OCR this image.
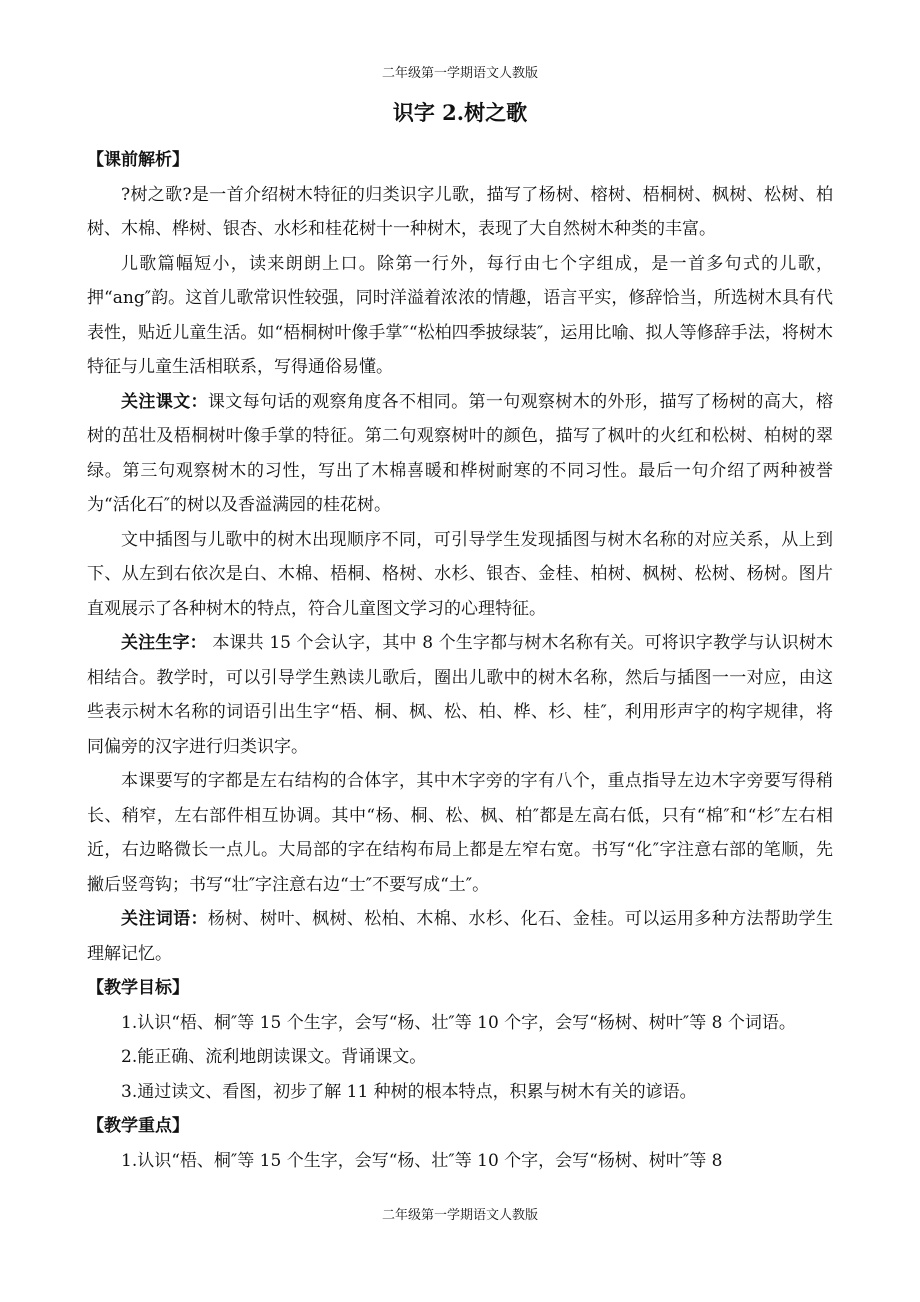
二年级第一学期语文人教版
识字 2.树之歌

【课前解析】

?树之歌?是一首介绍树木特征的归类识字儿歌，描写了杨树、榕树、梧桐树、枫树、松树、柏树、木棉、桦树、银杏、水杉和桂花树十一种树木，表现了大自然树木种类的丰富。

儿歌篇幅短小，读来朗朗上口。除第一行外，每行由七个字组成，是一首多句式的儿歌，押“ang″韵。这首儿歌常识性较强，同时洋溢着浓浓的情趣，语言平实，修辞恰当，所选树木具有代表性，贴近儿童生活。如“梧桐树叶像手掌″“松柏四季披绿装″，运用比喻、拟人等修辞手法，将树木特征与儿童生活相联系，写得通俗易懂。

关注课文：课文每句话的观察角度各不相同。第一句观察树木的外形，描写了杨树的高大，榕树的茁壮及梧桐树叶像手掌的特征。第二句观察树叶的颜色，描写了枫叶的火红和松树、柏树的翠绿。第三句观察树木的习性，写出了木棉喜暖和桦树耐寒的不同习性。最后一句介绍了两种被誉为“活化石″的树以及香溢满园的桂花树。

文中插图与儿歌中的树木出现顺序不同，可引导学生发现插图与树木名称的对应关系，从上到下、从左到右依次是白、木棉、梧桐、格树、水杉、银杏、金桂、柏树、枫树、松树、杨树。图片直观展示了各种树木的特点，符合儿童图文学习的心理特征。

关注生字： 本课共 15 个会认字，其中 8 个生字都与树木名称有关。可将识字教学与认识树木相结合。教学时，可以引导学生熟读儿歌后，圈出儿歌中的树木名称，然后与插图一一对应，由这些表示树木名称的词语引出生字“梧、桐、枫、松、柏、桦、杉、桂″，利用形声字的构字规律，将同偏旁的汉字进行归类识字。

本课要写的字都是左右结构的合体字，其中木字旁的字有八个，重点指导左边木字旁要写得稍长、稍窄，左右部件相互协调。其中“杨、桐、松、枫、柏″都是左高右低，只有“棉″和“杉″左右相近，右边略微长一点儿。大局部的字在结构布局上都是左窄右宽。书写“化″字注意右部的笔顺，先撇后竖弯钩；书写“壮″字注意右边“士″不要写成“土″。

关注词语：杨树、树叶、枫树、松柏、木棉、水杉、化石、金桂。可以运用多种方法帮助学生理解记忆。

【教学目标】

1.认识“梧、桐″等 15 个生字，会写“杨、壮″等 10 个字，会写“杨树、树叶″等 8 个词语。

2.能正确、流利地朗读课文。背诵课文。

3.通过读文、看图，初步了解 11 种树的根本特点，积累与树木有关的谚语。

【教学重点】

1.认识“梧、桐″等 15 个生字，会写“杨、壮″等 10 个字，会写“杨树、树叶″等 8

二年级第一学期语文人教版
